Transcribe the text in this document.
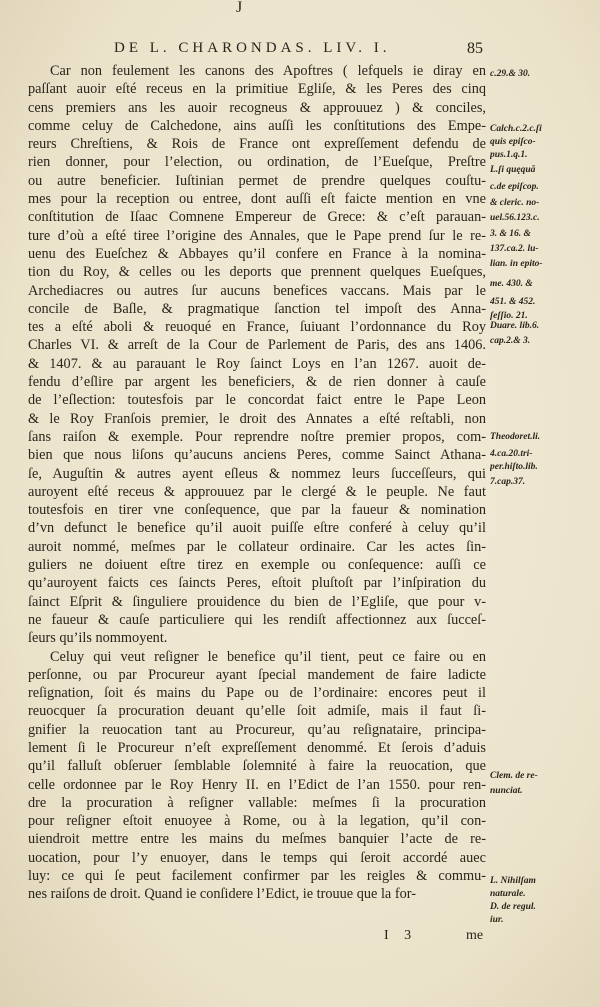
J
DE L. CHARONDAS. LIV. I.	85
Car non feulement les canons des Apoftres ( lefquels ie diray en
paſſant auoir eſté receus en la primitiue Egliſe, & les Peres des cinq
cens premiers ans les auoir recogneus & approuuez ) & conciles,
comme celuy de Calchedone, ains auſſi les conſtitutions des Empe-
reurs Chreſtiens, & Rois de France ont expreſſement defendu de
rien donner, pour l’election, ou ordination, de l’Eueſque, Preſtre
ou autre beneficier. Iuſtinian permet de prendre quelques couſtu-
mes pour la reception ou entree, dont auſſi eſt faicte mention en vne
conſtitution de Iſaac Comnene Empereur de Grece: & c’eſt parauan-
ture d’où a eſté tiree l’origine des Annales, que le Pape prend ſur le re-
uenu des Eueſchez & Abbayes qu’il confere en France à la nomina-
tion du Roy, & celles ou les deports que prennent quelques Eueſques,
Archediacres ou autres ſur aucuns benefices vaccans. Mais par le
concile de Baſle, & pragmatique ſanction tel impoſt des Anna-
tes a eſté aboli & reuoqué en France, ſuiuant l’ordonnance du Roy
Charles VI. & arreſt de la Cour de Parlement de Paris, des ans 1406.
& 1407. & au parauant le Roy ſainct Loys en l’an 1267. auoit de-
fendu d’eſlire par argent les beneficiers, & de rien donner à cauſe
de l’eſlection: toutesfois par le concordat faict entre le Pape Leon
& le Roy Franſois premier, le droit des Annates a eſté reſtabli, non
ſans raiſon & exemple. Pour reprendre noſtre premier propos, com-
bien que nous liſons qu’aucuns anciens Peres, comme Sainct Athana-
ſe, Auguſtin & autres ayent eſleus & nommez leurs ſucceſſeurs, qui
auroyent eſté receus & approuuez par le clergé & le peuple. Ne faut
toutesfois en tirer vne conſequence, que par la faueur & nomination
d’vn defunct le benefice qu’il auoit puiſſe eſtre conferé à celuy qu’il
auroit nommé, meſmes par le collateur ordinaire. Car les actes ſin-
guliers ne doiuent eſtre tirez en exemple ou conſequence: auſſi ce
qu’auroyent faicts ces ſaincts Peres, eſtoit pluſtoſt par l’inſpiration du
ſainct Eſprit & ſinguliere prouidence du bien de l’Egliſe, que pour v-
ne faueur & cauſe particuliere qui les rendiſt affectionnez aux ſucceſ-
ſeurs qu’ils nommoyent.
Celuy qui veut reſigner le benefice qu’il tient, peut ce faire ou en
perſonne, ou par Procureur ayant ſpecial mandement de faire ladicte
reſignation, ſoit és mains du Pape ou de l’ordinaire: encores peut il
reuocquer ſa procuration deuant qu’elle ſoit admiſe, mais il faut ſi-
gnifier la reuocation tant au Procureur, qu’au reſignataire, principa-
lement ſi le Procureur n’eſt expreſſement denommé. Et ſerois d’aduis
qu’il falluſt obſeruer ſemblable ſolemnité à faire la reuocation, que
celle ordonnee par le Roy Henry II. en l’Edict de l’an 1550. pour ren-
dre la procuration à reſigner vallable: meſmes ſi la procuration
pour reſigner eſtoit enuoyee à Rome, ou à la legation, qu’il con-
uiendroit mettre entre les mains du meſmes banquier l’acte de re-
uocation, pour l’y enuoyer, dans le temps qui ſeroit accordé auec
luy: ce qui ſe peut facilement confirmer par les reigles & commu-
nes raiſons de droit. Quand ie conſidere l’Edict, ie trouue que la for-
c.29.& 30.
Calch.c.2.c.ſi
quis epiſco-
pus.1.q.1.
L.ſi quęquā
c.de epiſcop.
& cleric. no-
uel.56.123.c.
3. & 16. &
137.ca.2. lu-
lian. in epito-
me. 430. &
451. & 452.
ſeſſio. 21.
Duare. lib.6.
cap.2.& 3.
Theodoret.li.
4.ca.20.tri-
per.hiſto.lib.
7.cap.37.
Clem. de re-
nunciat.
L. Nihilſam
naturale.
D. de regul.
iur.
I 3	me
